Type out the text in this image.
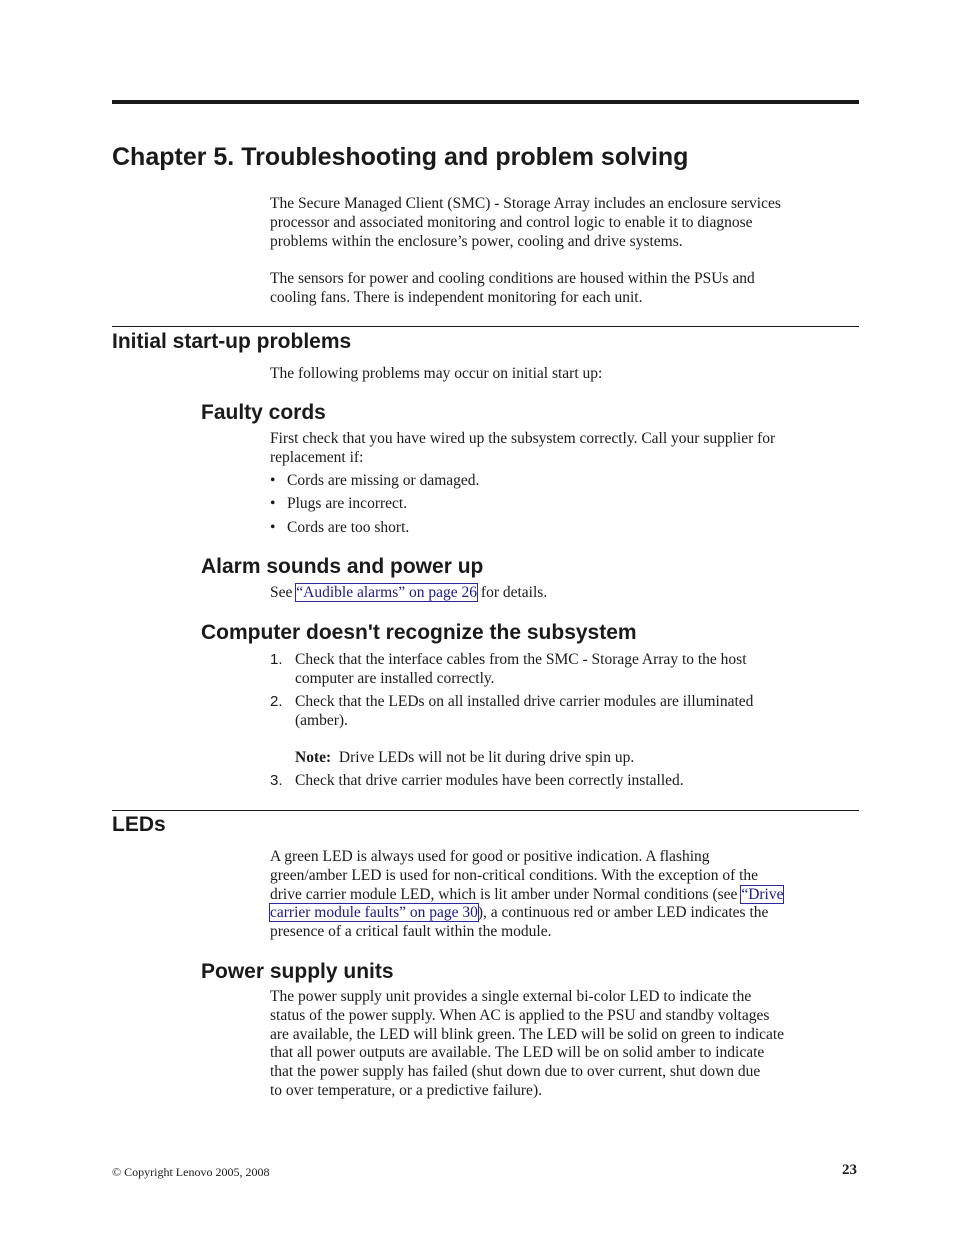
Chapter 5. Troubleshooting and problem solving
The Secure Managed Client (SMC) - Storage Array includes an enclosure services
processor and associated monitoring and control logic to enable it to diagnose
problems within the enclosure’s power, cooling and drive systems.
The sensors for power and cooling conditions are housed within the PSUs and
cooling fans. There is independent monitoring for each unit.
Initial start-up problems
The following problems may occur on initial start up:
Faulty cords
First check that you have wired up the subsystem correctly. Call your supplier for
replacement if:
• Cords are missing or damaged.
• Plugs are incorrect.
• Cords are too short.
Alarm sounds and power up
See “Audible alarms” on page 26 for details.
Computer doesn't recognize the subsystem
1. Check that the interface cables from the SMC - Storage Array to the host
computer are installed correctly.
2. Check that the LEDs on all installed drive carrier modules are illuminated
(amber).
Note: Drive LEDs will not be lit during drive spin up.
3. Check that drive carrier modules have been correctly installed.
LEDs
A green LED is always used for good or positive indication. A flashing
green/amber LED is used for non-critical conditions. With the exception of the
drive carrier module LED, which is lit amber under Normal conditions (see “Drive
carrier module faults” on page 30), a continuous red or amber LED indicates the
presence of a critical fault within the module.
Power supply units
The power supply unit provides a single external bi-color LED to indicate the
status of the power supply. When AC is applied to the PSU and standby voltages
are available, the LED will blink green. The LED will be solid on green to indicate
that all power outputs are available. The LED will be on solid amber to indicate
that the power supply has failed (shut down due to over current, shut down due
to over temperature, or a predictive failure).
© Copyright Lenovo 2005, 2008	23
